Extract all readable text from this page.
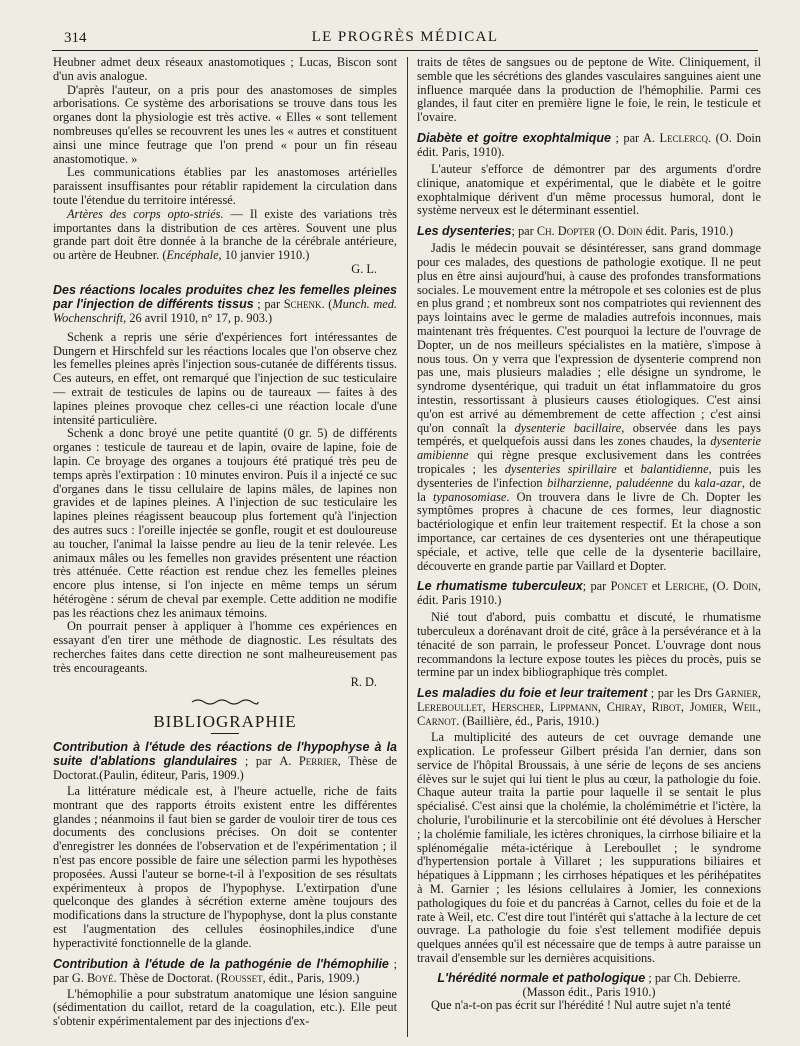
314	LE PROGRÈS MÉDICAL

Heubner admet deux réseaux anastomotiques ; Lucas, Biscon sont d'un avis analogue.

D'après l'auteur, on a pris pour des anastomoses de simples arborisations. Ce système des arborisations se trouve dans tous les organes dont la physiologie est très active. « Elles « sont tellement nombreuses qu'elles se recouvrent les unes les « autres et constituent ainsi une mince feutrage que l'on prend « pour un fin réseau anastomotique. »

Les communications établies par les anastomoses artérielles paraissent insuffisantes pour rétablir rapidement la circulation dans toute l'étendue du territoire intéressé.

Artères des corps opto-striés. — Il existe des variations très importantes dans la distribution de ces artères. Souvent une plus grande part doit être donnée à la branche de la cérébrale antérieure, ou artère de Heubner. (Encéphale, 10 janvier 1910.)

G. L.

Des réactions locales produites chez les femelles pleines par l'injection de différents tissus ; par Schenk. (Munch. med. Wochenschrift, 26 avril 1910, n° 17, p. 903.)

Schenk a repris une série d'expériences fort intéressantes de Dungern et Hirschfeld sur les réactions locales que l'on observe chez les femelles pleines après l'injection sous-cutanée de différents tissus. Ces auteurs, en effet, ont remarqué que l'injection de suc testiculaire — extrait de testicules de lapins ou de taureaux — faites à des lapines pleines provoque chez celles-ci une réaction locale d'une intensité particulière.

Schenk a donc broyé une petite quantité (0 gr. 5) de différents organes : testicule de taureau et de lapin, ovaire de lapine, foie de lapin. Ce broyage des organes a toujours été pratiqué très peu de temps après l'extirpation : 10 minutes environ. Puis il a injecté ce suc d'organes dans le tissu cellulaire de lapins mâles, de lapines non gravides et de lapines pleines. A l'injection de suc testiculaire les lapines pleines réagissent beaucoup plus fortement qu'à l'injection des autres sucs : l'oreille injectée se gonfle, rougit et est douloureuse au toucher, l'animal la laisse pendre au lieu de la tenir relevée. Les animaux mâles ou les femelles non gravides présentent une réaction très atténuée. Cette réaction est rendue chez les femelles pleines encore plus intense, si l'on injecte en même temps un sérum hétérogène : sérum de cheval par exemple. Cette addition ne modifie pas les réactions chez les animaux témoins.

On pourrait penser à appliquer à l'homme ces expériences en essayant d'en tirer une méthode de diagnostic. Les résultats des recherches faites dans cette direction ne sont malheureusement pas très encourageants.

R. D.

BIBLIOGRAPHIE

Contribution à l'étude des réactions de l'hypophyse à la suite d'ablations glandulaires ; par A. Perrier, Thèse de Doctorat.(Paulin, éditeur, Paris, 1909.)

La littérature médicale est, à l'heure actuelle, riche de faits montrant que des rapports étroits existent entre les différentes glandes ; néanmoins il faut bien se garder de vouloir tirer de tous ces documents des conclusions précises. On doit se contenter d'enregistrer les données de l'observation et de l'expérimentation ; il n'est pas encore possible de faire une sélection parmi les hypothèses proposées. Aussi l'auteur se borne-t-il à l'exposition de ses résultats expérimenteux à propos de l'hypophyse. L'extirpation d'une quelconque des glandes à sécrétion externe amène toujours des modifications dans la structure de l'hypophyse, dont la plus constante est l'augmentation des cellules éosinophiles,indice d'une hyperactivité fonctionnelle de la glande.

Contribution à l'étude de la pathogénie de l'hémophilie ; par G. Boyé. Thèse de Doctorat. (Rousset, édit., Paris, 1909.)

L'hémophilie a pour substratum anatomique une lésion sanguine (sédimentation du caillot, retard de la coagulation, etc.). Elle peut s'obtenir expérimentalement par des injections d'ex-

traits de têtes de sangsues ou de peptone de Wite. Cliniquement, il semble que les sécrétions des glandes vasculaires sanguines aient une influence marquée dans la production de l'hémophilie. Parmi ces glandes, il faut citer en première ligne le foie, le rein, le testicule et l'ovaire.

Diabète et goitre exophtalmique ; par A. Leclercq. (O. Doin édit. Paris, 1910).

L'auteur s'efforce de démontrer par des arguments d'ordre clinique, anatomique et expérimental, que le diabète et le goitre exophtalmique dérivent d'un même processus humoral, dont le système nerveux est le déterminant essentiel.

Les dysenteries; par Ch. Dopter (O. Doin édit. Paris, 1910.)

Jadis le médecin pouvait se désintéresser, sans grand dommage pour ces malades, des questions de pathologie exotique. Il ne peut plus en être ainsi aujourd'hui, à cause des profondes transformations sociales. Le mouvement entre la métropole et ses colonies est de plus en plus grand ; et nombreux sont nos compatriotes qui reviennent des pays lointains avec le germe de maladies autrefois inconnues, mais maintenant très fréquentes. C'est pourquoi la lecture de l'ouvrage de Dopter, un de nos meilleurs spécialistes en la matière, s'impose à nous tous. On y verra que l'expression de dysenterie comprend non pas une, mais plusieurs maladies ; elle désigne un syndrome, le syndrome dysentérique, qui traduit un état inflammatoire du gros intestin, ressortissant à plusieurs causes étiologiques. C'est ainsi qu'on est arrivé au démembrement de cette affection ; c'est ainsi qu'on connaît la dysenterie bacillaire, observée dans les pays tempérés, et quelquefois aussi dans les zones chaudes, la dysenterie amibienne qui règne presque exclusivement dans les contrées tropicales ; les dysenteries spirillaire et balantidienne, puis les dysenteries de l'infection bilharzienne, paludéenne du kala-azar, de la typanosomiase. On trouvera dans le livre de Ch. Dopter les symptômes propres à chacune de ces formes, leur diagnostic bactériologique et enfin leur traitement respectif. Et la chose a son importance, car certaines de ces dysenteries ont une thérapeutique spéciale, et active, telle que celle de la dysenterie bacillaire, découverte en grande partie par Vaillard et Dopter.

Le rhumatisme tuberculeux; par Poncet et Leriche, (O. Doin, édit. Paris 1910.)

Nié tout d'abord, puis combattu et discuté, le rhumatisme tuberculeux a dorénavant droit de cité, grâce à la persévérance et à la ténacité de son parrain, le professeur Poncet. L'ouvrage dont nous recommandons la lecture expose toutes les pièces du procès, puis se termine par un index bibliographique très complet.

Les maladies du foie et leur traitement ; par les Drs Garnier, Lereboullet, Herscher, Lippmann, Chiray, Ribot, Jomier, Weil, Carnot. (Baillière, éd., Paris, 1910.)

La multiplicité des auteurs de cet ouvrage demande une explication. Le professeur Gilbert présida l'an dernier, dans son service de l'hôpital Broussais, à une série de leçons de ses anciens élèves sur le sujet qui lui tient le plus au cœur, la pathologie du foie. Chaque auteur traita la partie pour laquelle il se sentait le plus spécialisé. C'est ainsi que la cholémie, la cholémimétrie et l'ictère, la cholurie, l'urobilinurie et la stercobilinie ont été dévolues à Herscher ; la cholémie familiale, les ictères chroniques, la cirrhose biliaire et la splénomégalie méta-ictérique à Lereboullet ; le syndrome d'hypertension portale à Villaret ; les suppurations biliaires et hépatiques à Lippmann ; les cirrhoses hépatiques et les périhépatites à M. Garnier ; les lésions cellulaires à Jomier, les connexions pathologiques du foie et du pancréas à Carnot, celles du foie et de la rate à Weil, etc. C'est dire tout l'intérêt qui s'attache à la lecture de cet ouvrage. La pathologie du foie s'est tellement modifiée depuis quelques années qu'il est nécessaire que de temps à autre paraisse un travail d'ensemble sur les dernières acquisitions.

L'hérédité normale et pathologique ; par Ch. Debierre. (Masson édit., Paris 1910.)

Que n'a-t-on pas écrit sur l'hérédité ! Nul autre sujet n'a tenté
